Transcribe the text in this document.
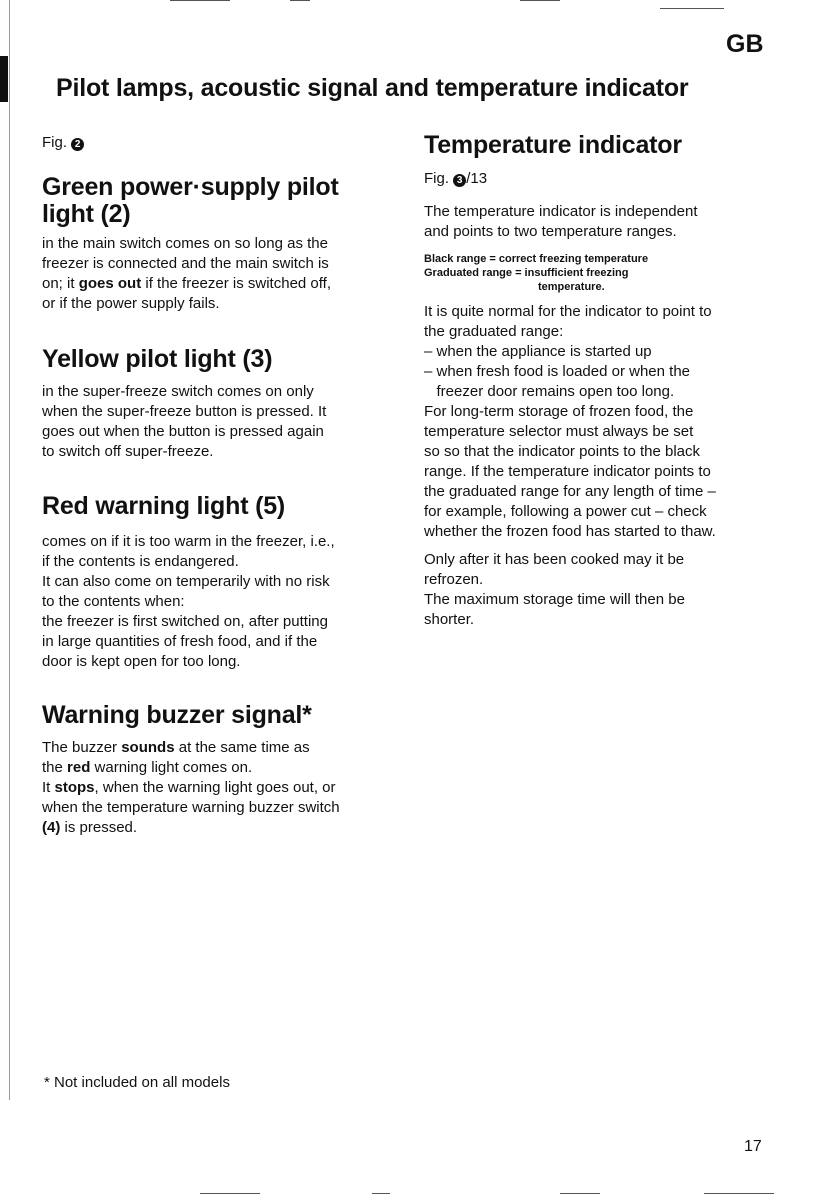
GB
Pilot lamps, acoustic signal and temperature indicator
Fig. 2
Green power·supply pilot
light (2)
in the main switch comes on so long as the
freezer is connected and the main switch is
on; it goes out if the freezer is switched off,
or if the power supply fails.
Yellow pilot light (3)
in the super-freeze switch comes on only
when the super-freeze button is pressed. It
goes out when the button is pressed again
to switch off super-freeze.
Red warning light (5)
comes on if it is too warm in the freezer, i.e.,
if the contents is endangered.
It can also come on temperarily with no risk
to the contents when:
the freezer is first switched on, after putting
in large quantities of fresh food, and if the
door is kept open for too long.
Warning buzzer signal*
The buzzer sounds at the same time as
the red warning light comes on.
It stops, when the warning light goes out, or
when the temperature warning buzzer switch
(4) is pressed.
Temperature indicator
Fig. 3 /13
The temperature indicator is independent
and points to two temperature ranges.
Black range = correct freezing temperature
Graduated range = insufficient freezing
temperature.
It is quite normal for the indicator to point to
the graduated range:
– when the appliance is started up
– when fresh food is loaded or when the
freezer door remains open too long.
For long-term storage of frozen food, the
temperature selector must always be set
so so that the indicator points to the black
range. If the temperature indicator points to
the graduated range for any length of time –
for example, following a power cut – check
whether the frozen food has started to thaw.
Only after it has been cooked may it be
refrozen.
The maximum storage time will then be
shorter.
* Not included on all models
17
